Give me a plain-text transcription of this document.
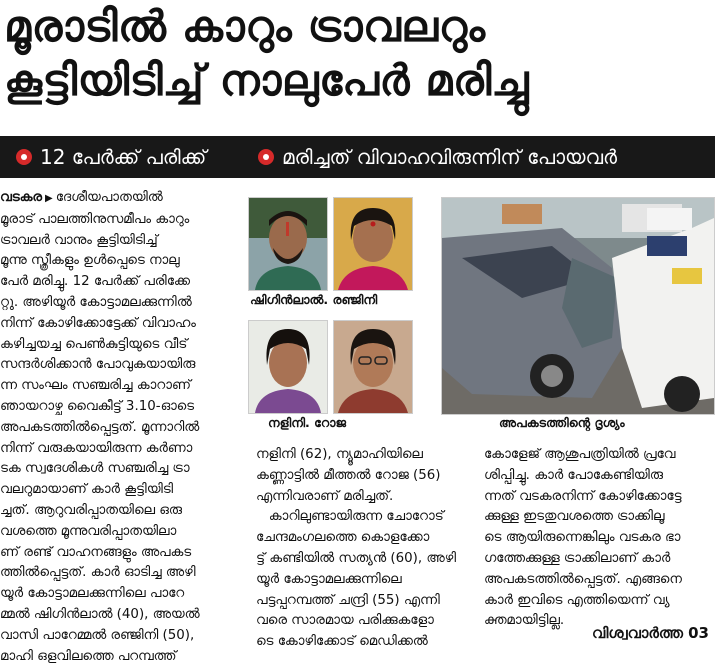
മൂരാടിൽ കാറും ട്രാവലറും
കൂട്ടിയിടിച്ച് നാലുപേർ മരിച്ചു
12 പേർക്ക് പരിക്ക്	മരിച്ചത് വിവാഹവിരുന്നിന് പോയവർ

വടകര ▶ ദേശീയപാതയിൽ

മൂരാട് പാലത്തിനുസമീപം കാറും

ട്രാവലർ വാനും കൂട്ടിയിടിച്ച്

മൂന്നു സ്ത്രീകളും ഉൾപ്പെടെ നാലു

പേർ മരിച്ചു. 12 പേർക്ക് പരിക്കേ

റ്റു. അഴിയൂർ കോട്ടാമലക്കുന്നിൽ

നിന്ന് കോഴിക്കോട്ടേക്ക് വിവാഹം

കഴിച്ചയച്ച പെൺകുട്ടിയുടെ വീട്

സന്ദർശിക്കാൻ പോവുകയായിരു

ന്ന സംഘം സഞ്ചരിച്ച കാറാണ്

ഞായറാഴ്ച വൈകീട്ട് 3.10-ഓടെ

അപകടത്തിൽപ്പെട്ടത്. മൂന്നാറിൽ

നിന്ന് വരുകയായിരുന്ന കർണാ

ടക സ്വദേശികൾ സഞ്ചരിച്ച ട്രാ

വലറുമായാണ് കാർ കൂട്ടിയിടി

ച്ചത്. ആറുവരിപ്പാതയിലെ ഒരു

വശത്തെ മൂന്നുവരിപ്പാതയിലാ

ണ് രണ്ട് വാഹനങ്ങളും അപകട

ത്തിൽപ്പെട്ടത്. കാർ ഓടിച്ച അഴി

യൂർ കോട്ടാമലക്കുന്നിലെ പാറേ

മ്മൽ ഷിഗിൻലാൽ (40), അയൽ

വാസി പാറേമ്മൽ രഞ്ജിനി (50),

മാഹി ഒളവിലത്തെ പറമ്പത്ത്

ഷിഗിൻലാൽ. രഞ്ജിനി
നളിനി. റോജ	അപകടത്തിന്റെ ദൃശ്യം

നളിനി (62), ന്യൂമാഹിയിലെ

കണ്ണാട്ടിൽ മീത്തൽ റോജ (56)

എന്നിവരാണ് മരിച്ചത്.

കാറിലുണ്ടായിരുന്ന ചോറോട്

ചേന്ദമംഗലത്തെ കൊളക്കോ

ട്ട് കണ്ടിയിൽ സത്യൻ (60), അഴി

യൂർ കോട്ടാമലക്കുന്നിലെ

പട്ടപ്പറമ്പത്ത് ചന്ദ്രി (55) എന്നി

വരെ സാരമായ പരിക്കുകളോ

ടെ കോഴിക്കോട് മെഡിക്കൽ

കോളേജ് ആശുപത്രിയിൽ പ്രവേ

ശിപ്പിച്ചു. കാർ പോകേണ്ടിയിരു

ന്നത് വടകരനിന്ന് കോഴിക്കോട്ടേ

ക്കുള്ള ഇടതുവശത്തെ ട്രാക്കിലൂ

ടെ ആയിരുന്നെങ്കിലും വടകര ഭാ

ഗത്തേക്കുള്ള ട്രാക്കിലാണ് കാർ

അപകടത്തിൽപ്പെട്ടത്. എങ്ങനെ

കാർ ഇവിടെ എത്തിയെന്ന് വ്യ

ക്തമായിട്ടില്ല.

വിശ്വവാർത്ത 03
